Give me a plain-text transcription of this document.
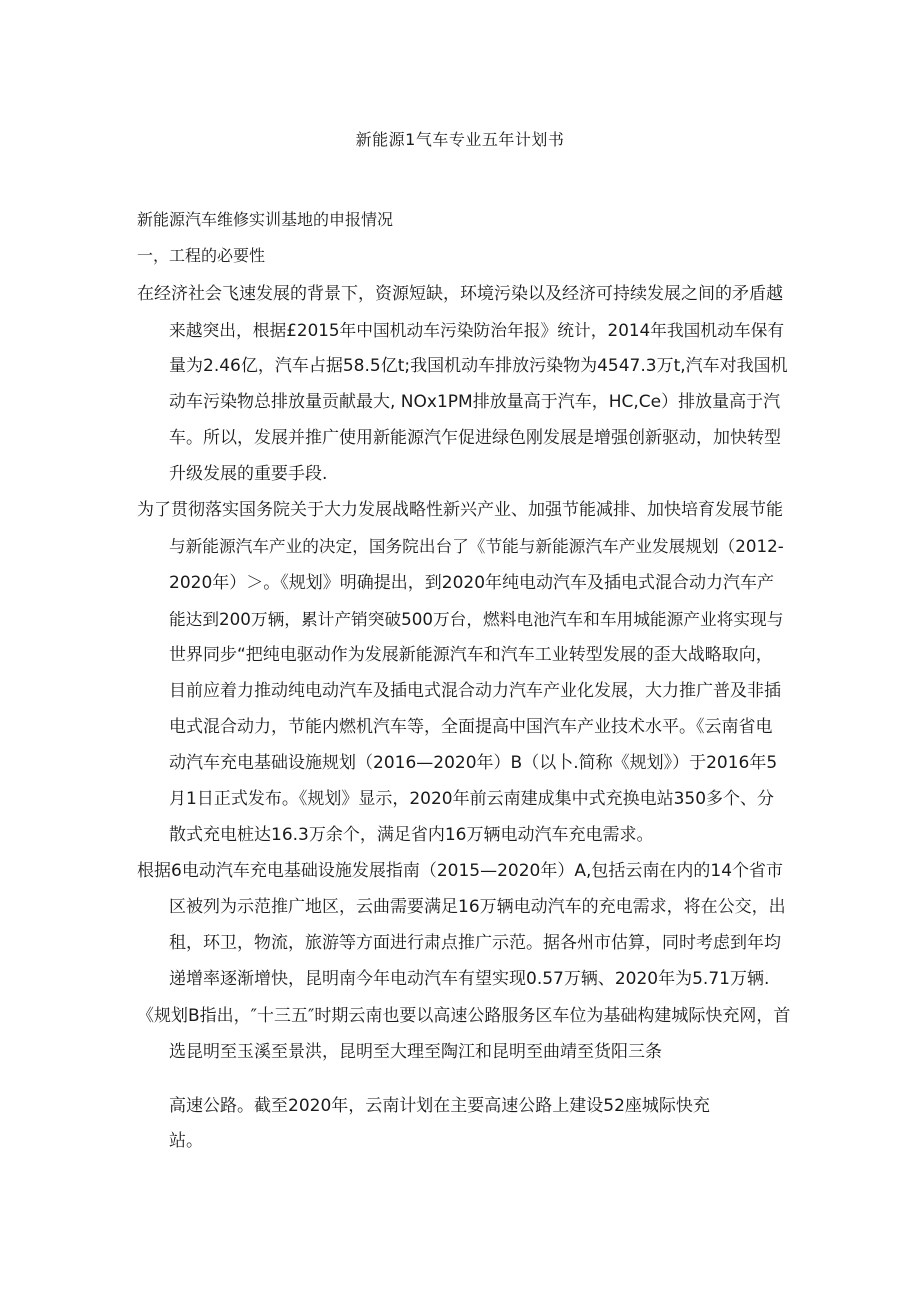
新能源1气车专业五年计划书
新能源汽车维修实训基地的申报情况
一，工程的必要性
在经济社会飞速发展的背景下，资源短缺，环境污染以及经济可持续发展之间的矛盾越
来越突出，根据£2015年中国机动车污染防治年报》统计，2014年我国机动车保有
量为2.46亿，汽车占据58.5亿t;我国机动车排放污染物为4547.3万t,汽车对我国机
动车污染物总排放量贡献最大, NOx1PM排放量高于汽车，HC,Ce）排放量高于汽
车。所以，发展并推广使用新能源汽乍促进绿色刚发展是增强创新驱动，加快转型
升级发展的重要手段.
为了贯彻落实国务院关于大力发展战略性新兴产业、加强节能减排、加快培育发展节能
与新能源汽车产业的决定，国务院出台了《节能与新能源汽车产业发展规划（2012-
2020年）＞。《规划》明确提出，到2020年纯电动汽车及插电式混合动力汽车产
能达到200万辆，累计产销突破500万台，燃料电池汽车和车用城能源产业将实现与
世界同步“把纯电驱动作为发展新能源汽车和汽车工业转型发展的歪大战略取向，
目前应着力推动纯电动汽车及插电式混合动力汽车产业化发展，大力推广普及非插
电式混合动力，节能内燃机汽车等，全面提高中国汽车产业技术水平。《云南省电
动汽车充电基础设施规划（2016—2020年）B（以卜.简称《规划》）于2016年5
月1日正式发布。《规划》显示，2020年前云南建成集中式充换电站350多个、分
散式充电桩达16.3万余个，满足省内16万辆电动汽车充电需求。
根据6电动汽车充电基础设施发展指南（2015—2020年）A,包括云南在内的14个省市
区被列为示范推广地区，云曲需要满足16万辆电动汽车的充电需求，将在公交，出
租，环卫，物流，旅游等方面进行肃点推广示范。据各州市估算，同时考虑到年均
递增率逐渐增快，昆明南今年电动汽车有望实现0.57万辆、2020年为5.71万辆.
《规划B指出，″十三五″时期云南也要以高速公路服务区车位为基础构建城际快充网，首
选昆明至玉溪至景洪，昆明至大理至陶江和昆明至曲靖至货阳三条
高速公路。截至2020年，云南计划在主要高速公路上建设52座城际快充
站。
